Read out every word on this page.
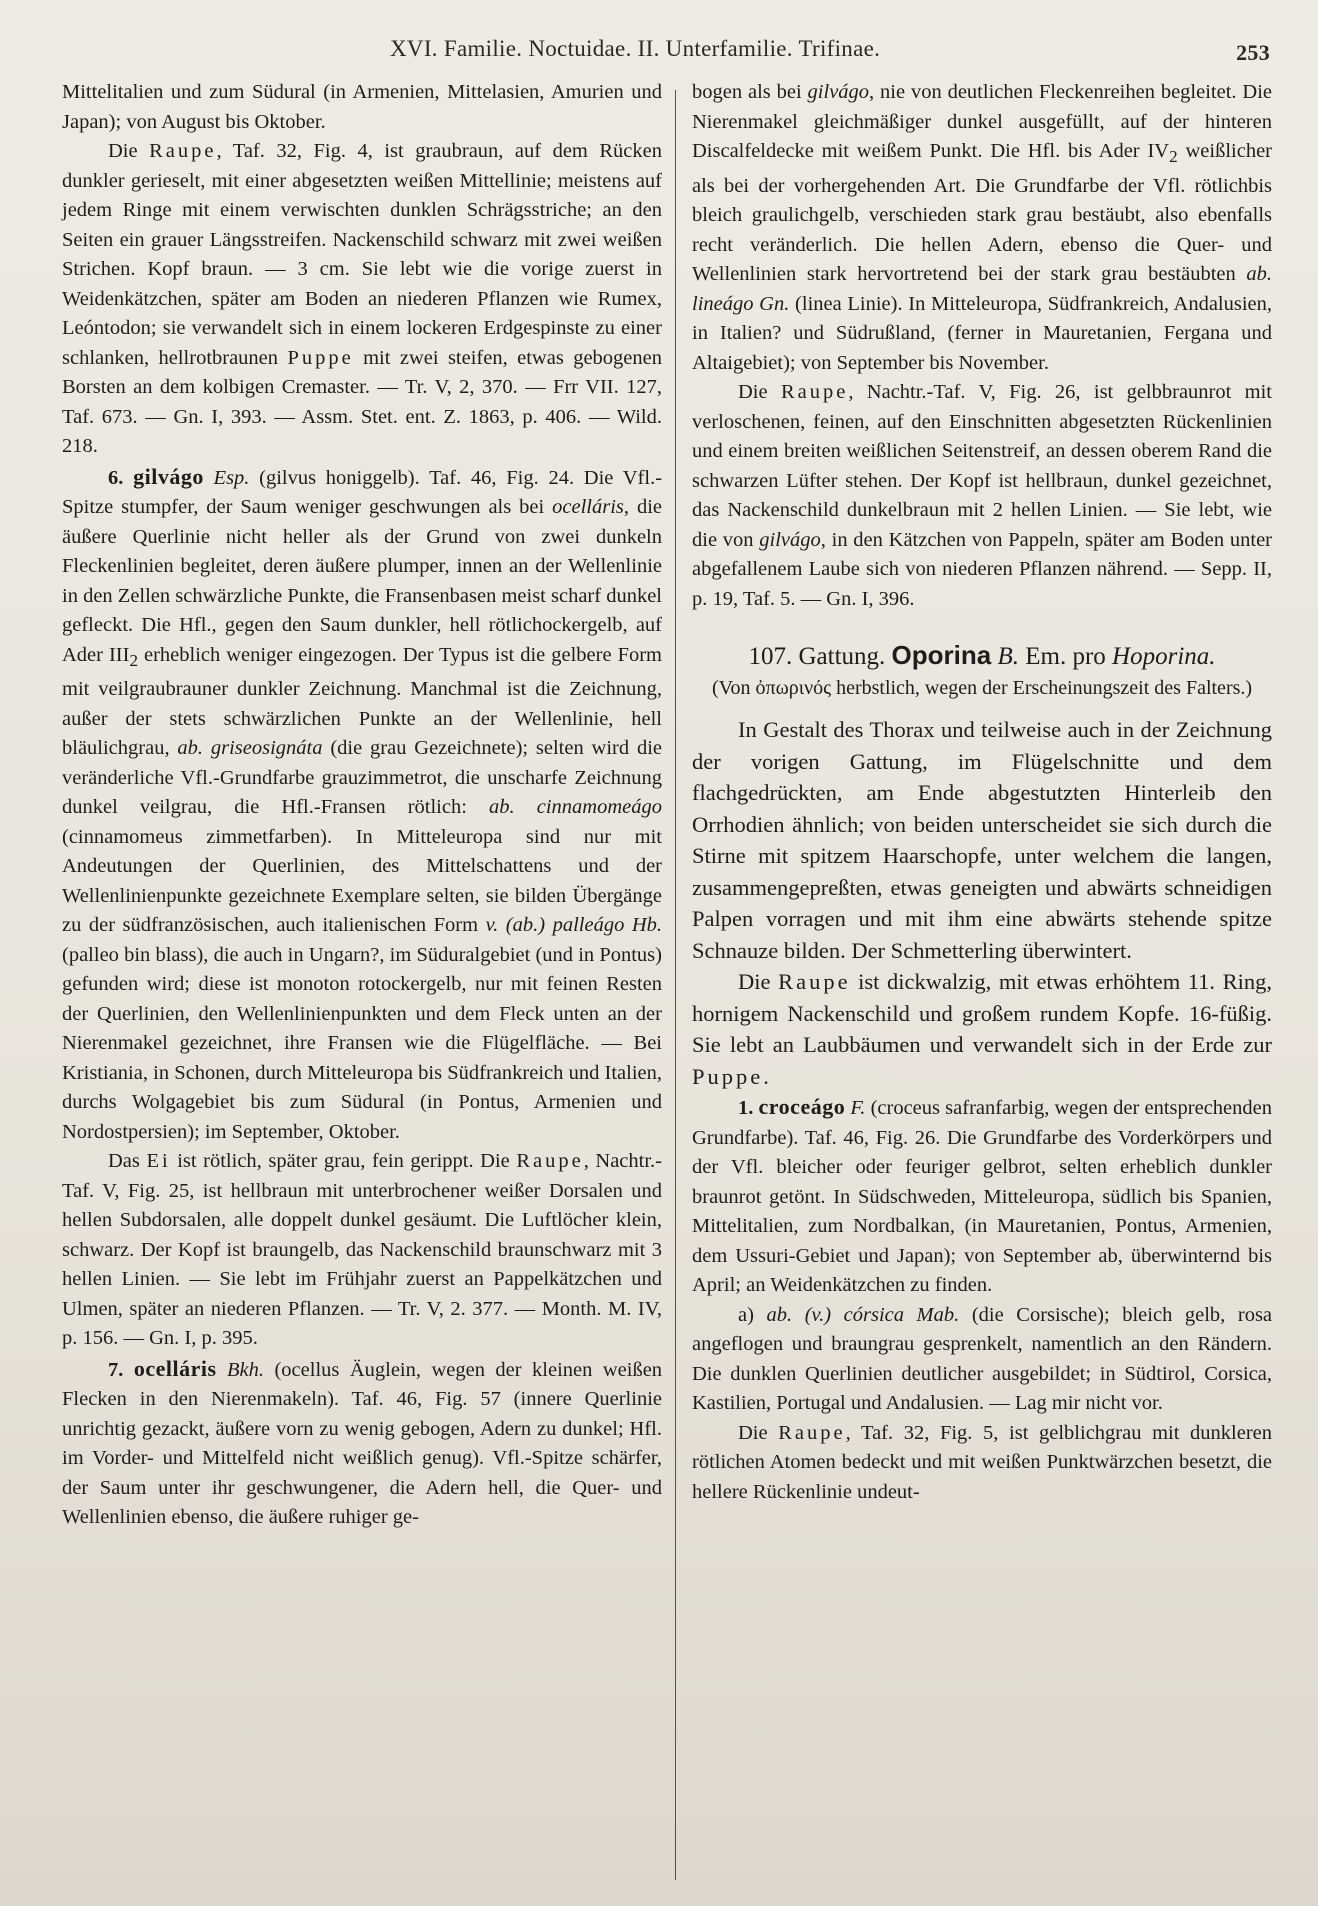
XVI. Familie. Noctuidae. II. Unterfamilie. Trifinae.	253

Mittelitalien und zum Südural (in Armenien, Mittelasien, Amurien und Japan); von August bis Oktober.

Die Raupe, Taf. 32, Fig. 4, ist graubraun, auf dem Rücken dunkler gerieselt, mit einer abgesetzten weißen Mittellinie; meistens auf jedem Ringe mit einem verwischten dunklen Schrägsstriche; an den Seiten ein grauer Längsstreifen. Nackenschild schwarz mit zwei weißen Strichen. Kopf braun. — 3 cm. Sie lebt wie die vorige zuerst in Weidenkätzchen, später am Boden an niederen Pflanzen wie Rumex, Leóntodon; sie verwandelt sich in einem lockeren Erdgespinste zu einer schlanken, hellrotbraunen Puppe mit zwei steifen, etwas gebogenen Borsten an dem kolbigen Cremaster. — Tr. V, 2, 370. — Frr VII. 127, Taf. 673. — Gn. I, 393. — Assm. Stet. ent. Z. 1863, p. 406. — Wild. 218.

6. gilvágo Esp. (gilvus honiggelb). Taf. 46, Fig. 24. Die Vfl.-Spitze stumpfer, der Saum weniger geschwungen als bei ocelláris, die äußere Querlinie nicht heller als der Grund von zwei dunkeln Fleckenlinien begleitet, deren äußere plumper, innen an der Wellenlinie in den Zellen schwärzliche Punkte, die Fransenbasen meist scharf dunkel gefleckt. Die Hfl., gegen den Saum dunkler, hell rötlichockergelb, auf Ader $III_2$ erheblich weniger eingezogen. Der Typus ist die gelbere Form mit veilgraubrauner dunkler Zeichnung. Manchmal ist die Zeichnung, außer der stets schwärzlichen Punkte an der Wellenlinie, hell bläulichgrau, ab. griseosignáta (die grau Gezeichnete); selten wird die veränderliche Vfl.-Grundfarbe grauzimmetrot, die unscharfe Zeichnung dunkel veilgrau, die Hfl.-Fransen rötlich: ab. cinnamomeágo (cinnamomeus zimmetfarben). In Mitteleuropa sind nur mit Andeutungen der Querlinien, des Mittelschattens und der Wellenlinienpunkte gezeichnete Exemplare selten, sie bilden Übergänge zu der südfranzösischen, auch italienischen Form v. (ab.) palleágo Hb. (palleo bin blass), die auch in Ungarn?, im Süduralgebiet (und in Pontus) gefunden wird; diese ist monoton rotockergelb, nur mit feinen Resten der Querlinien, den Wellenlinienpunkten und dem Fleck unten an der Nierenmakel gezeichnet, ihre Fransen wie die Flügelfläche. — Bei Kristiania, in Schonen, durch Mitteleuropa bis Südfrankreich und Italien, durchs Wolgagebiet bis zum Südural (in Pontus, Armenien und Nordostpersien); im September, Oktober.

Das Ei ist rötlich, später grau, fein gerippt. Die Raupe, Nachtr.-Taf. V, Fig. 25, ist hellbraun mit unterbrochener weißer Dorsalen und hellen Subdorsalen, alle doppelt dunkel gesäumt. Die Luftlöcher klein, schwarz. Der Kopf ist braungelb, das Nackenschild braunschwarz mit 3 hellen Linien. — Sie lebt im Frühjahr zuerst an Pappelkätzchen und Ulmen, später an niederen Pflanzen. — Tr. V, 2. 377. — Month. M. IV, p. 156. — Gn. I, p. 395.

7. ocelláris Bkh. (ocellus Äuglein, wegen der kleinen weißen Flecken in den Nierenmakeln). Taf. 46, Fig. 57 (innere Querlinie unrichtig gezackt, äußere vorn zu wenig gebogen, Adern zu dunkel; Hfl. im Vorder- und Mittelfeld nicht weißlich genug). Vfl.-Spitze schärfer, der Saum unter ihr geschwungener, die Adern hell, die Quer- und Wellenlinien ebenso, die äußere ruhiger ge-

bogen als bei gilvágo, nie von deutlichen Fleckenreihen begleitet. Die Nierenmakel gleichmäßiger dunkel ausgefüllt, auf der hinteren Discalfeldecke mit weißem Punkt. Die Hfl. bis Ader $IV_2$ weißlicher als bei der vorhergehenden Art. Die Grundfarbe der Vfl. rötlichbis bleich graulichgelb, verschieden stark grau bestäubt, also ebenfalls recht veränderlich. Die hellen Adern, ebenso die Quer- und Wellenlinien stark hervortretend bei der stark grau bestäubten ab. lineágo Gn. (linea Linie). In Mitteleuropa, Südfrankreich, Andalusien, in Italien? und Südrußland, (ferner in Mauretanien, Fergana und Altaigebiet); von September bis November.

Die Raupe, Nachtr.-Taf. V, Fig. 26, ist gelbbraunrot mit verloschenen, feinen, auf den Einschnitten abgesetzten Rückenlinien und einem breiten weißlichen Seitenstreif, an dessen oberem Rand die schwarzen Lüfter stehen. Der Kopf ist hellbraun, dunkel gezeichnet, das Nackenschild dunkelbraun mit 2 hellen Linien. — Sie lebt, wie die von gilvágo, in den Kätzchen von Pappeln, später am Boden unter abgefallenem Laube sich von niederen Pflanzen nährend. — Sepp. II, p. 19, Taf. 5. — Gn. I, 396.

107. Gattung. Oporina B. Em. pro Hoporina.
(Von ὀπωρινός herbstlich, wegen der Erscheinungszeit des Falters.)

In Gestalt des Thorax und teilweise auch in der Zeichnung der vorigen Gattung, im Flügelschnitte und dem flachgedrückten, am Ende abgestutzten Hinterleib den Orrhodien ähnlich; von beiden unterscheidet sie sich durch die Stirne mit spitzem Haarschopfe, unter welchem die langen, zusammengepreßten, etwas geneigten und abwärts schneidigen Palpen vorragen und mit ihm eine abwärts stehende spitze Schnauze bilden. Der Schmetterling überwintert.

Die Raupe ist dickwalzig, mit etwas erhöhtem 11. Ring, hornigem Nackenschild und großem rundem Kopfe. 16-füßig. Sie lebt an Laubbäumen und verwandelt sich in der Erde zur Puppe.

1. croceágo F. (croceus safranfarbig, wegen der entsprechenden Grundfarbe). Taf. 46, Fig. 26. Die Grundfarbe des Vorderkörpers und der Vfl. bleicher oder feuriger gelbrot, selten erheblich dunkler braunrot getönt. In Südschweden, Mitteleuropa, südlich bis Spanien, Mittelitalien, zum Nordbalkan, (in Mauretanien, Pontus, Armenien, dem Ussuri-Gebiet und Japan); von September ab, überwinternd bis April; an Weidenkätzchen zu finden.

a) ab. (v.) córsica Mab. (die Corsische); bleich gelb, rosa angeflogen und braungrau gesprenkelt, namentlich an den Rändern. Die dunklen Querlinien deutlicher ausgebildet; in Südtirol, Corsica, Kastilien, Portugal und Andalusien. — Lag mir nicht vor.

Die Raupe, Taf. 32, Fig. 5, ist gelblichgrau mit dunkleren rötlichen Atomen bedeckt und mit weißen Punktwärzchen besetzt, die hellere Rückenlinie undeut-
